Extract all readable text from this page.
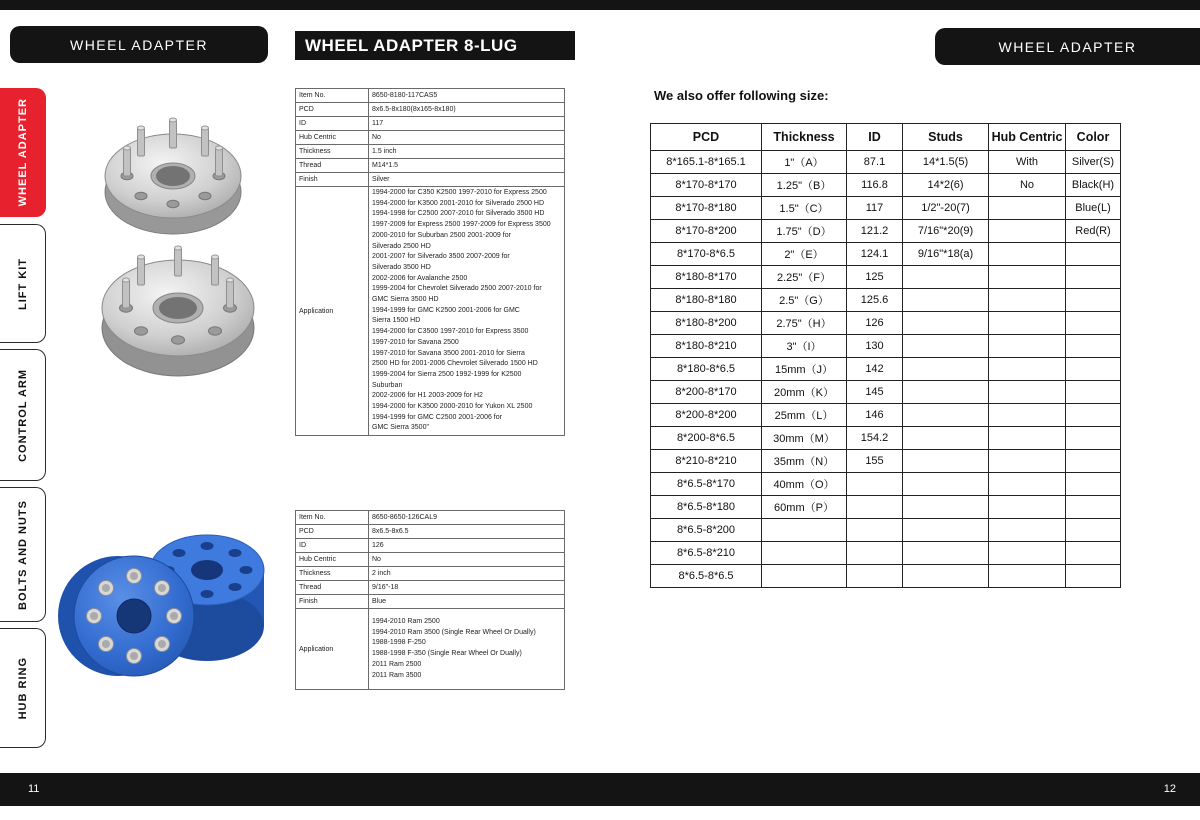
WHEEL ADAPTER	WHEEL ADAPTER 8-LUG	WHEEL ADAPTER
WHEEL ADAPTER
LIFT KIT
CONTROL ARM
BOLTS AND NUTS
HUB RING
Item No.	8650-8180-117CAS5
PCD	8x6.5-8x180(8x165-8x180)
ID	117
Hub Centric	No
Thickness	1.5 inch
Thread	M14*1.5
Finish	Silver
Application	
1994-2000 for C350 K2500 1997-2010 for Express 2500
1994-2000 for K3500 2001-2010 for Silverado 2500 HD
1994-1998 for C2500 2007-2010 for Silverado 3500 HD
1997-2009 for Express 2500 1997-2009 for Express 3500
2000-2010 for Suburban 2500 2001-2009 for
Silverado 2500 HD
2001-2007 for Silverado 3500 2007-2009 for
Silverado 3500 HD
2002-2006 for Avalanche 2500
1999-2004 for Chevrolet Silverado 2500 2007-2010 for
GMC Sierra 3500 HD
1994-1999 for GMC K2500 2001-2006 for GMC
Sierra 1500 HD
1994-2000 for C3500 1997-2010 for Express 3500
1997-2010 for Savana 2500
1997-2010 for Savana 3500 2001-2010 for Sierra
2500 HD for 2001-2006 Chevrolet Silverado 1500 HD
1999-2004 for Sierra 2500 1992-1999 for K2500
Suburban
2002-2006 for H1 2003-2009 for H2
1994-2000 for K3500 2000-2010 for Yukon XL 2500
1994-1999 for GMC C2500 2001-2006 for
GMC Sierra 3500"
Item No.	8650-8650-126CAL9
PCD	8x6.5-8x6.5
ID	126
Hub Centric	No
Thickness	2 inch
Thread	9/16"-18
Finish	Blue
Application	
1994-2010 Ram 2500
1994-2010 Ram 3500 (Single Rear Wheel Or Dually)
1988-1998 F-250
1988-1998 F-350 (Single Rear Wheel Or Dually)
2011 Ram 2500
2011 Ram 3500
We also offer following size:
PCD	Thickness	ID	Studs	Hub Centric	Color
8*165.1-8*165.1	1"（A）	87.1	14*1.5(5)	With	Silver(S)
8*170-8*170	1.25"（B）	116.8	14*2(6)	No	Black(H)
8*170-8*180	1.5"（C）	117	1/2"-20(7)		Blue(L)
8*170-8*200	1.75"（D）	121.2	7/16"*20(9)		Red(R)
8*170-8*6.5	2"（E）	124.1	9/16"*18(a)		
8*180-8*170	2.25"（F）	125			
8*180-8*180	2.5"（G）	125.6			
8*180-8*200	2.75"（H）	126			
8*180-8*210	3"（I）	130			
8*180-8*6.5	15mm（J）	142			
8*200-8*170	20mm（K）	145			
8*200-8*200	25mm（L）	146			
8*200-8*6.5	30mm（M）	154.2			
8*210-8*210	35mm（N）	155			
8*6.5-8*170	40mm（O）				
8*6.5-8*180	60mm（P）				
8*6.5-8*200					
8*6.5-8*210					
8*6.5-8*6.5					
11	12
